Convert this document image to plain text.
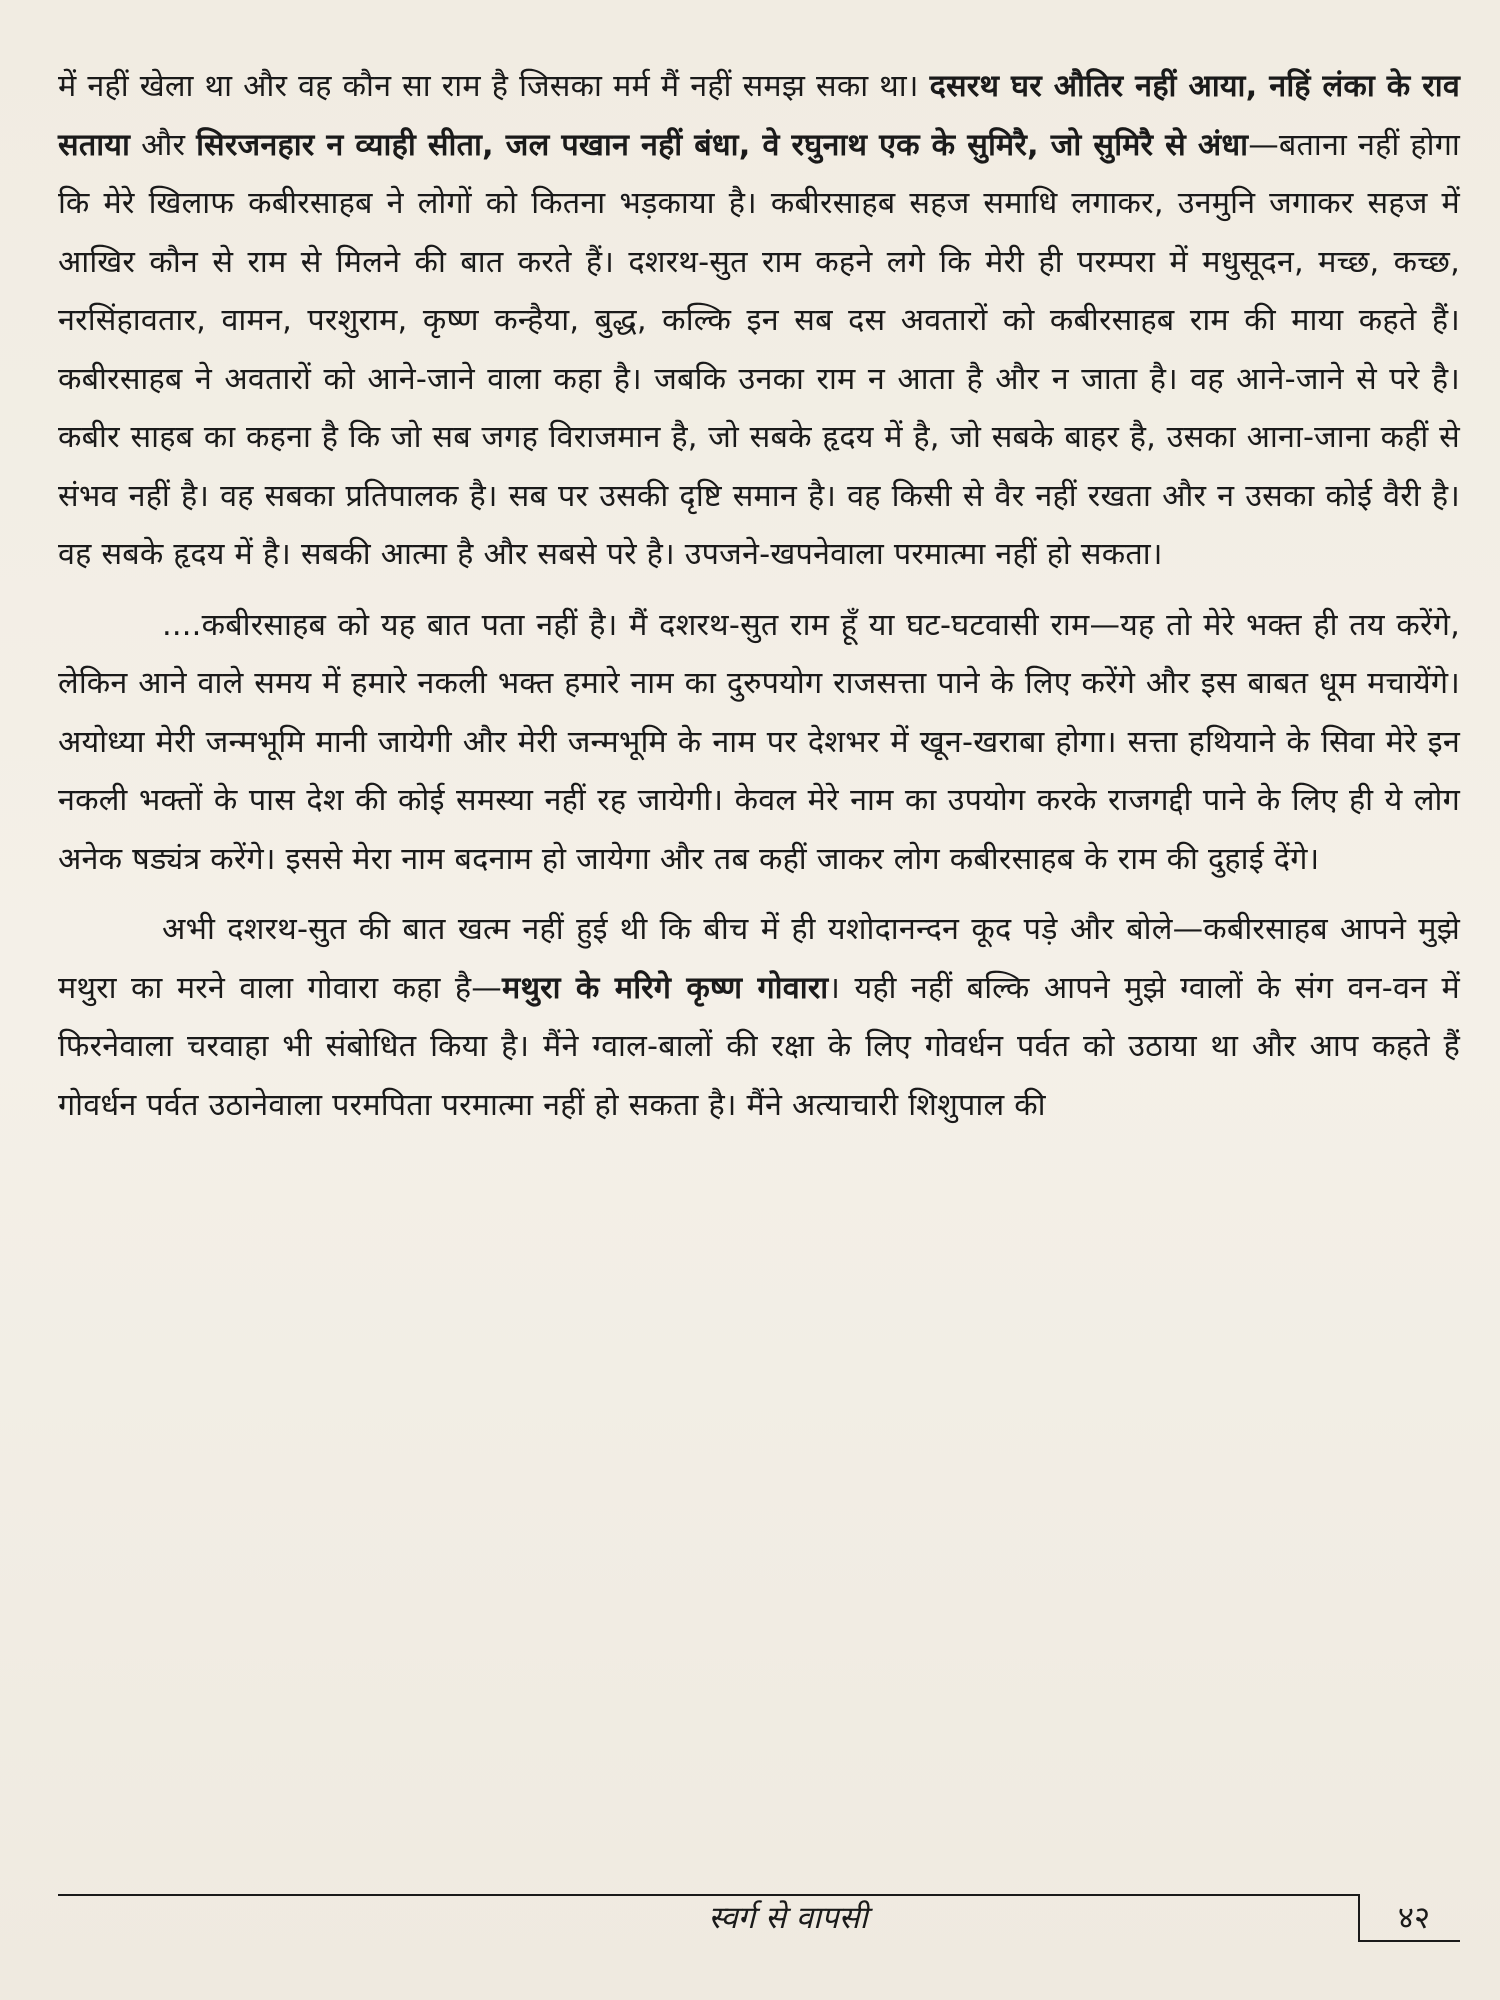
में नहीं खेला था और वह कौन सा राम है जिसका मर्म मैं नहीं समझ सका था। दसरथ घर औतिर नहीं आया, नहिं लंका के राव सताया और सिरजनहार न व्याही सीता, जल पखान नहीं बंधा, वे रघुनाथ एक के सुमिरै, जो सुमिरै से अंधा—बताना नहीं होगा कि मेरे खिलाफ कबीरसाहब ने लोगों को कितना भड़काया है। कबीरसाहब सहज समाधि लगाकर, उनमुनि जगाकर सहज में आखिर कौन से राम से मिलने की बात करते हैं। दशरथ-सुत राम कहने लगे कि मेरी ही परम्परा में मधुसूदन, मच्छ, कच्छ, नरसिंहावतार, वामन, परशुराम, कृष्ण कन्हैया, बुद्ध, कल्कि इन सब दस अवतारों को कबीरसाहब राम की माया कहते हैं। कबीरसाहब ने अवतारों को आने-जाने वाला कहा है। जबकि उनका राम न आता है और न जाता है। वह आने-जाने से परे है। कबीर साहब का कहना है कि जो सब जगह विराजमान है, जो सबके हृदय में है, जो सबके बाहर है, उसका आना-जाना कहीं से संभव नहीं है। वह सबका प्रतिपालक है। सब पर उसकी दृष्टि समान है। वह किसी से वैर नहीं रखता और न उसका कोई वैरी है। वह सबके हृदय में है। सबकी आत्मा है और सबसे परे है। उपजने-खपनेवाला परमात्मा नहीं हो सकता।

....कबीरसाहब को यह बात पता नहीं है। मैं दशरथ-सुत राम हूँ या घट-घटवासी राम—यह तो मेरे भक्त ही तय करेंगे, लेकिन आने वाले समय में हमारे नकली भक्त हमारे नाम का दुरुपयोग राजसत्ता पाने के लिए करेंगे और इस बाबत धूम मचायेंगे। अयोध्या मेरी जन्मभूमि मानी जायेगी और मेरी जन्मभूमि के नाम पर देशभर में खून-खराबा होगा। सत्ता हथियाने के सिवा मेरे इन नकली भक्तों के पास देश की कोई समस्या नहीं रह जायेगी। केवल मेरे नाम का उपयोग करके राजगद्दी पाने के लिए ही ये लोग अनेक षड्यंत्र करेंगे। इससे मेरा नाम बदनाम हो जायेगा और तब कहीं जाकर लोग कबीरसाहब के राम की दुहाई देंगे।

अभी दशरथ-सुत की बात खत्म नहीं हुई थी कि बीच में ही यशोदानन्दन कूद पड़े और बोले—कबीरसाहब आपने मुझे मथुरा का मरने वाला गोवारा कहा है—मथुरा के मरिगे कृष्ण गोवारा। यही नहीं बल्कि आपने मुझे ग्वालों के संग वन-वन में फिरनेवाला चरवाहा भी संबोधित किया है। मैंने ग्वाल-बालों की रक्षा के लिए गोवर्धन पर्वत को उठाया था और आप कहते हैं गोवर्धन पर्वत उठानेवाला परमपिता परमात्मा नहीं हो सकता है। मैंने अत्याचारी शिशुपाल की

स्वर्ग से वापसी	४२
